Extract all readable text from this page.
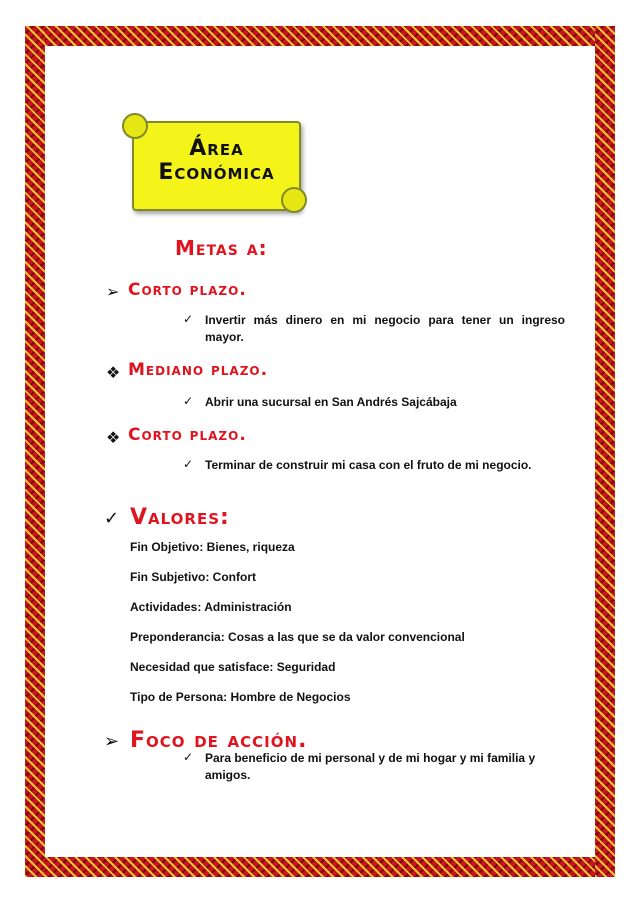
Área Económica
Metas a:
➢ Corto plazo.
✓ Invertir más dinero en mi negocio para tener un ingreso mayor.
❖ Mediano plazo.
✓ Abrir una sucursal en San Andrés Sajcábaja
❖ Corto plazo.
✓ Terminar de construir mi casa con el fruto de mi negocio.
✓ Valores:
Fin Objetivo: Bienes, riqueza
Fin Subjetivo: Confort
Actividades: Administración
Preponderancia: Cosas a las que se da valor convencional
Necesidad que satisface: Seguridad
Tipo de Persona: Hombre de Negocios
➢ Foco de acción.
✓ Para beneficio de mi personal y de mi hogar y mi familia y amigos.
